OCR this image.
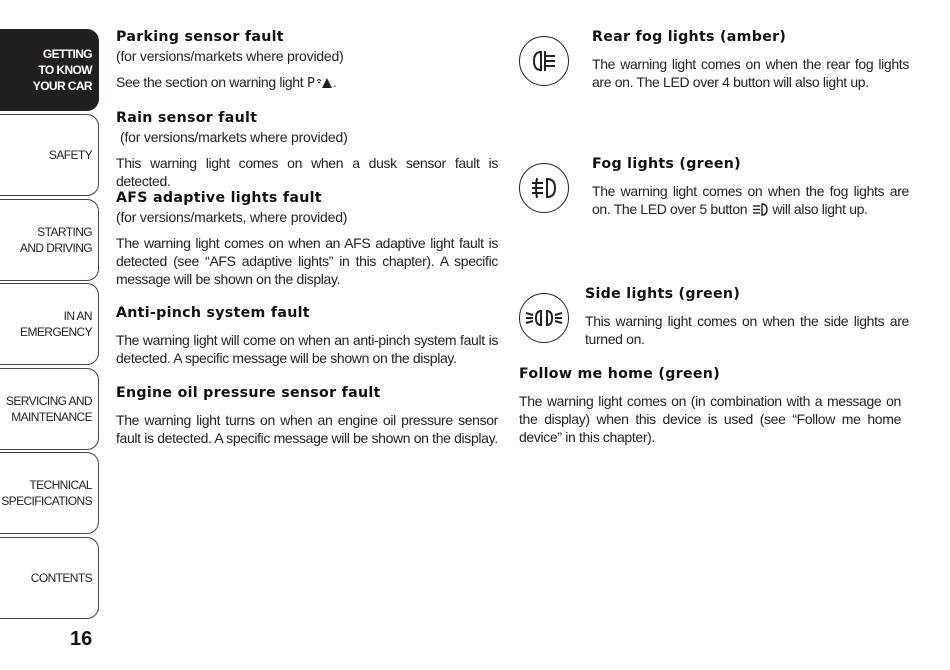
GETTING
TO KNOW
YOUR CAR
SAFETY
STARTING
AND DRIVING
IN AN
EMERGENCY
SERVICING AND
MAINTENANCE
TECHNICAL
SPECIFICATIONS
CONTENTS
16

Parking sensor fault

(for versions/markets where provided)

See the section on warning light P .

Rain sensor fault

(for versions/markets where provided)

This warning light comes on when a dusk sensor fault is detected.

AFS adaptive lights fault

(for versions/markets, where provided)

The warning light comes on when an AFS adaptive light fault is detected (see “AFS adaptive lights” in this chapter). A specific message will be shown on the display.

Anti-pinch system fault

The warning light will come on when an anti-pinch system fault is detected. A specific message will be shown on the display.

Engine oil pressure sensor fault

The warning light turns on when an engine oil pressure sensor fault is detected. A specific message will be shown on the display.

Rear fog lights (amber)

The warning light comes on when the rear fog lights are on. The LED over 4 button will also light up.

Fog lights (green)

The warning light comes on when the fog lights are on. The LED over 5 button will also light up.

Side lights (green)

This warning light comes on when the side lights are turned on.

Follow me home (green)

The warning light comes on (in combination with a message on the display) when this device is used (see “Follow me home device” in this chapter).
